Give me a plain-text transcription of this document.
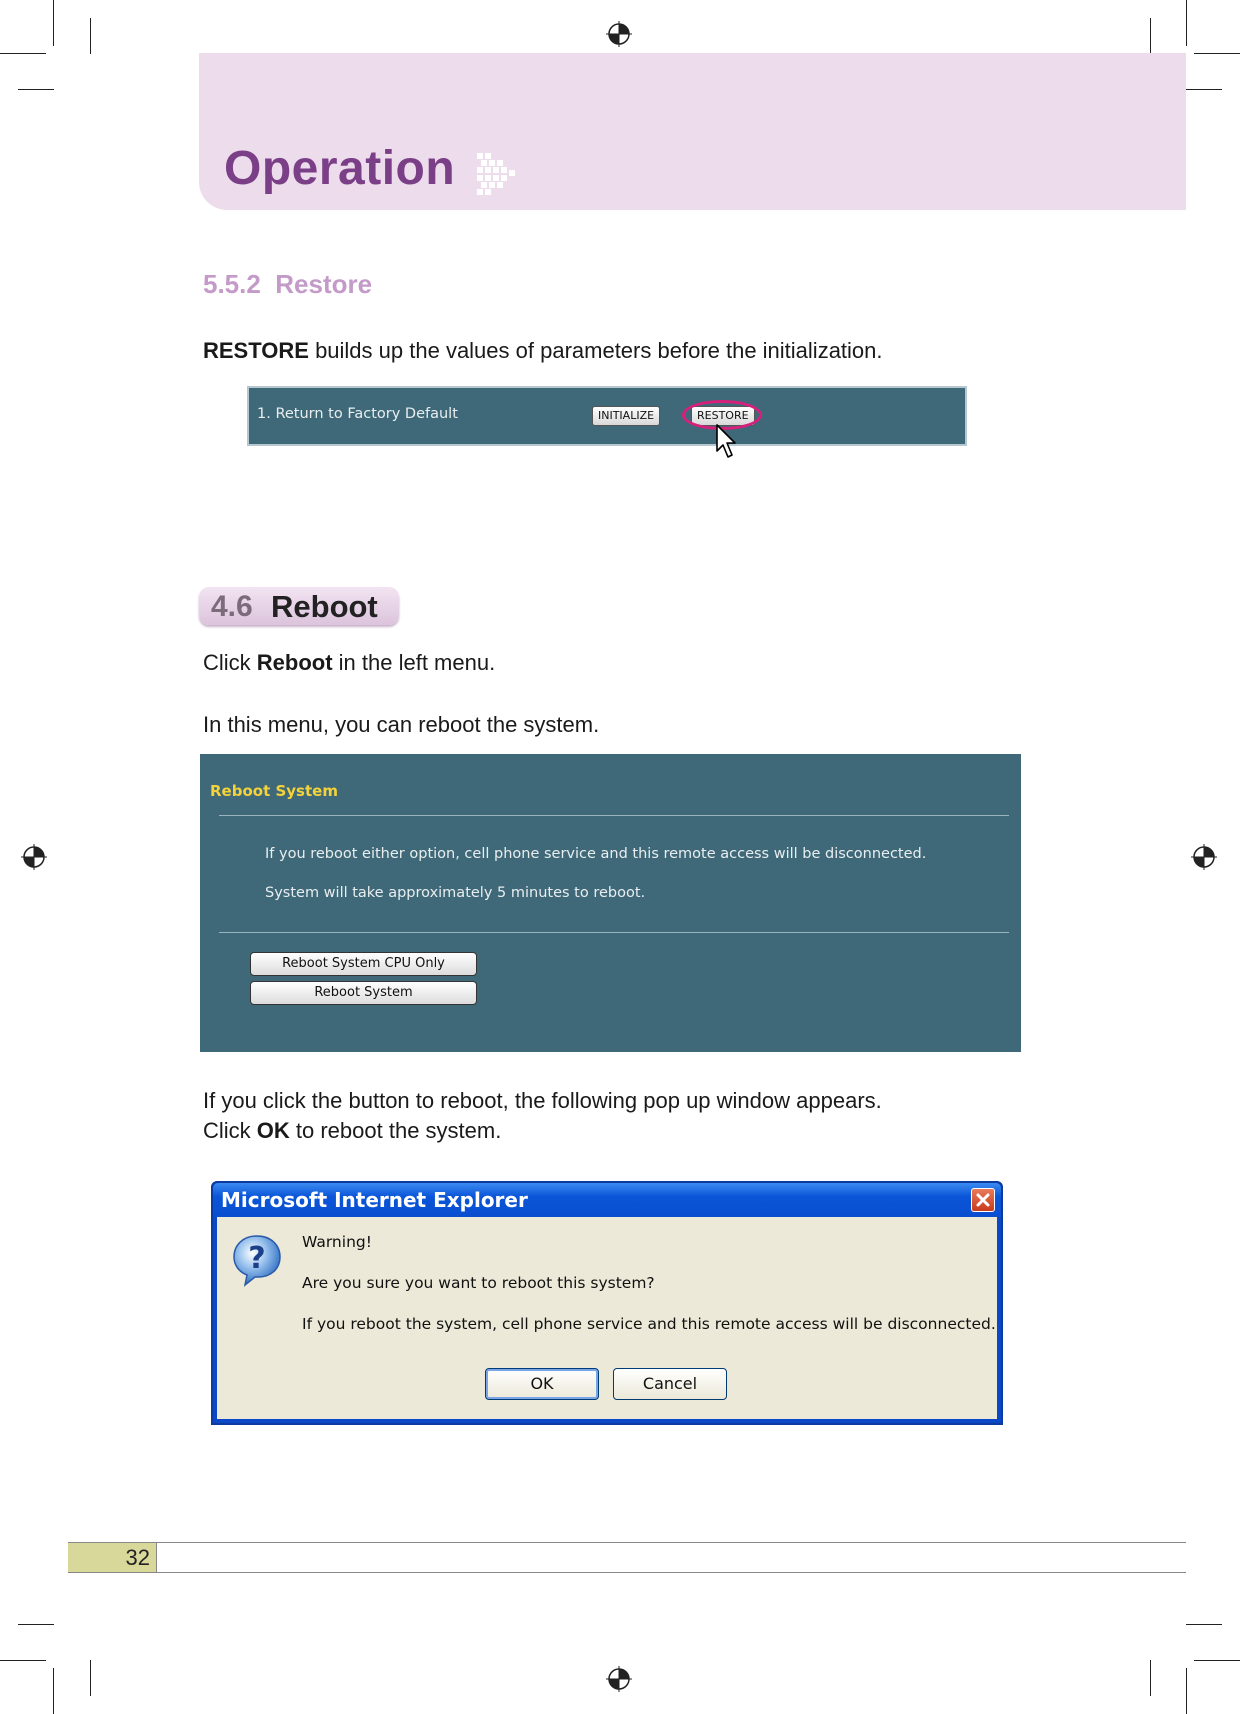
Operation
5.5.2  Restore
RESTORE builds up the values of parameters before the initialization.
1. Return to Factory Default	INITIALIZE	RESTORE
4.6 Reboot
Click Reboot in the left menu.
In this menu, you can reboot the system.
Reboot System
If you reboot either option, cell phone service and this remote access will be disconnected.
System will take approximately 5 minutes to reboot.
Reboot System CPU Only
Reboot System
If you click the button to reboot, the following pop up window appears.
Click OK to reboot the system.
Microsoft Internet Explorer
? Warning!
Are you sure you want to reboot this system?
If you reboot the system, cell phone service and this remote access will be disconnected.
OK	Cancel
32
